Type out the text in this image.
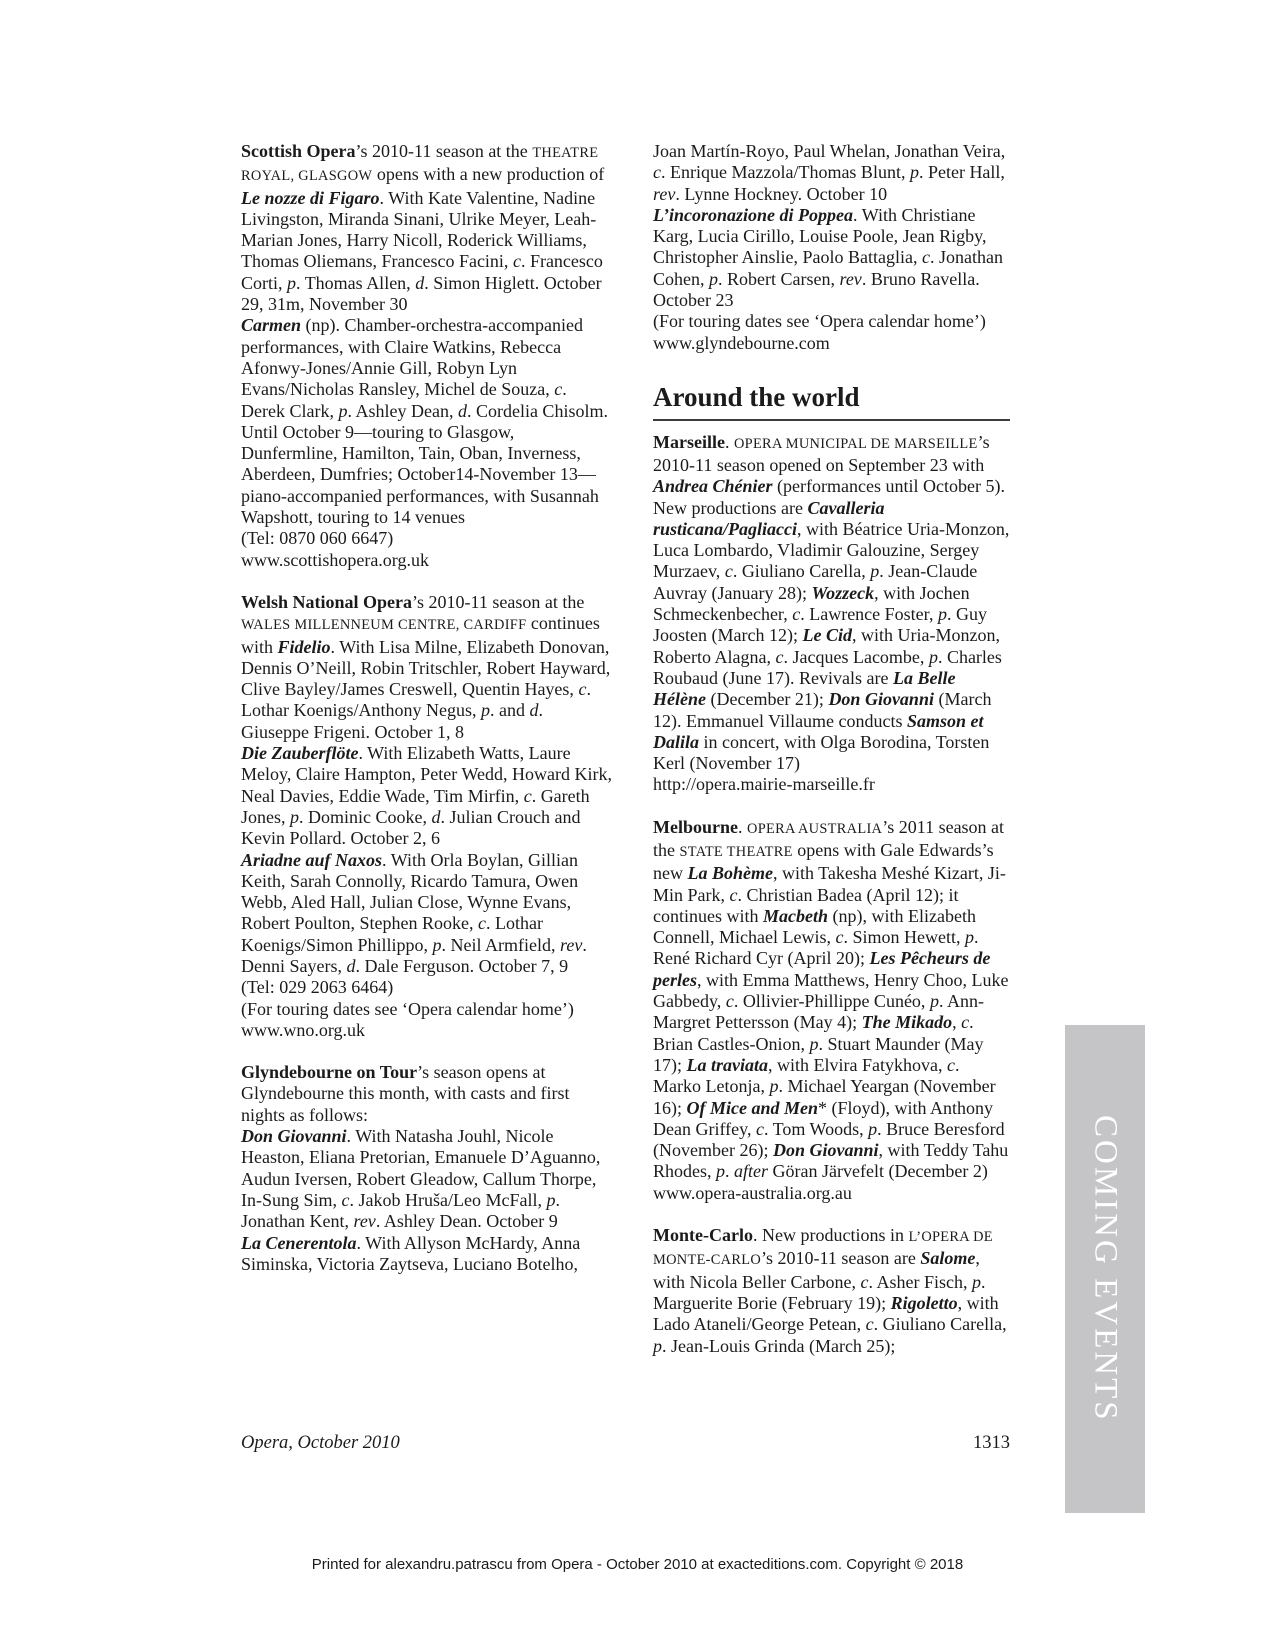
Scottish Opera’s 2010-11 season at the THEATRE ROYAL, GLASGOW opens with a new production of Le nozze di Figaro. With Kate Valentine, Nadine Livingston, Miranda Sinani, Ulrike Meyer, Leah-Marian Jones, Harry Nicoll, Roderick Williams, Thomas Oliemans, Francesco Facini, c. Francesco Corti, p. Thomas Allen, d. Simon Higlett. October 29, 31m, November 30

Carmen (np). Chamber-orchestra-accompanied performances, with Claire Watkins, Rebecca Afonwy-Jones/Annie Gill, Robyn Lyn Evans/Nicholas Ransley, Michel de Souza, c. Derek Clark, p. Ashley Dean, d. Cordelia Chisolm. Until October 9—touring to Glasgow, Dunfermline, Hamilton, Tain, Oban, Inverness, Aberdeen, Dumfries; October14-November 13—piano-accompanied performances, with Susannah Wapshott, touring to 14 venues

(Tel: 0870 060 6647)

www.scottishopera.org.uk

Welsh National Opera’s 2010-11 season at the WALES MILLENNEUM CENTRE, CARDIFF continues with Fidelio. With Lisa Milne, Elizabeth Donovan, Dennis O’Neill, Robin Tritschler, Robert Hayward, Clive Bayley/James Creswell, Quentin Hayes, c. Lothar Koenigs/Anthony Negus, p. and d. Giuseppe Frigeni. October 1, 8

Die Zauberflöte. With Elizabeth Watts, Laure Meloy, Claire Hampton, Peter Wedd, Howard Kirk, Neal Davies, Eddie Wade, Tim Mirfin, c. Gareth Jones, p. Dominic Cooke, d. Julian Crouch and Kevin Pollard. October 2, 6

Ariadne auf Naxos. With Orla Boylan, Gillian Keith, Sarah Connolly, Ricardo Tamura, Owen Webb, Aled Hall, Julian Close, Wynne Evans, Robert Poulton, Stephen Rooke, c. Lothar Koenigs/Simon Phillippo, p. Neil Armfield, rev. Denni Sayers, d. Dale Ferguson. October 7, 9

(Tel: 029 2063 6464)

(For touring dates see ‘Opera calendar home’)

www.wno.org.uk

Glyndebourne on Tour’s season opens at Glyndebourne this month, with casts and first nights as follows:

Don Giovanni. With Natasha Jouhl, Nicole Heaston, Eliana Pretorian, Emanuele D’Aguanno, Audun Iversen, Robert Gleadow, Callum Thorpe, In-Sung Sim, c. Jakob Hruša/Leo McFall, p. Jonathan Kent, rev. Ashley Dean. October 9

La Cenerentola. With Allyson McHardy, Anna Siminska, Victoria Zaytseva, Luciano Botelho,

Joan Martín-Royo, Paul Whelan, Jonathan Veira, c. Enrique Mazzola/Thomas Blunt, p. Peter Hall, rev. Lynne Hockney. October 10

L’incoronazione di Poppea. With Christiane Karg, Lucia Cirillo, Louise Poole, Jean Rigby, Christopher Ainslie, Paolo Battaglia, c. Jonathan Cohen, p. Robert Carsen, rev. Bruno Ravella. October 23

(For touring dates see ‘Opera calendar home’)

www.glyndebourne.com

Around the world

Marseille. OPERA MUNICIPAL DE MARSEILLE’s 2010-11 season opened on September 23 with Andrea Chénier (performances until October 5). New productions are Cavalleria rusticana/Pagliacci, with Béatrice Uria-Monzon, Luca Lombardo, Vladimir Galouzine, Sergey Murzaev, c. Giuliano Carella, p. Jean-Claude Auvray (January 28); Wozzeck, with Jochen Schmeckenbecher, c. Lawrence Foster, p. Guy Joosten (March 12); Le Cid, with Uria-Monzon, Roberto Alagna, c. Jacques Lacombe, p. Charles Roubaud (June 17). Revivals are La Belle Hélène (December 21); Don Giovanni (March 12). Emmanuel Villaume conducts Samson et Dalila in concert, with Olga Borodina, Torsten Kerl (November 17)

http://opera.mairie-marseille.fr

Melbourne. OPERA AUSTRALIA’s 2011 season at the STATE THEATRE opens with Gale Edwards’s new La Bohème, with Takesha Meshé Kizart, Ji-Min Park, c. Christian Badea (April 12); it continues with Macbeth (np), with Elizabeth Connell, Michael Lewis, c. Simon Hewett, p. René Richard Cyr (April 20); Les Pêcheurs de perles, with Emma Matthews, Henry Choo, Luke Gabbedy, c. Ollivier-Phillippe Cunéo, p. Ann-Margret Pettersson (May 4); The Mikado, c. Brian Castles-Onion, p. Stuart Maunder (May 17); La traviata, with Elvira Fatykhova, c. Marko Letonja, p. Michael Yeargan (November 16); Of Mice and Men* (Floyd), with Anthony Dean Griffey, c. Tom Woods, p. Bruce Beresford (November 26); Don Giovanni, with Teddy Tahu Rhodes, p. after Göran Järvefelt (December 2)

www.opera-australia.org.au

Monte-Carlo. New productions in L’OPERA DE MONTE-CARLO’s 2010-11 season are Salome, with Nicola Beller Carbone, c. Asher Fisch, p. Marguerite Borie (February 19); Rigoletto, with Lado Ataneli/George Petean, c. Giuliano Carella, p. Jean-Louis Grinda (March 25);

Opera, October 2010	1313
COMING EVENTS
Printed for alexandru.patrascu from Opera - October 2010 at exacteditions.com. Copyright © 2018
